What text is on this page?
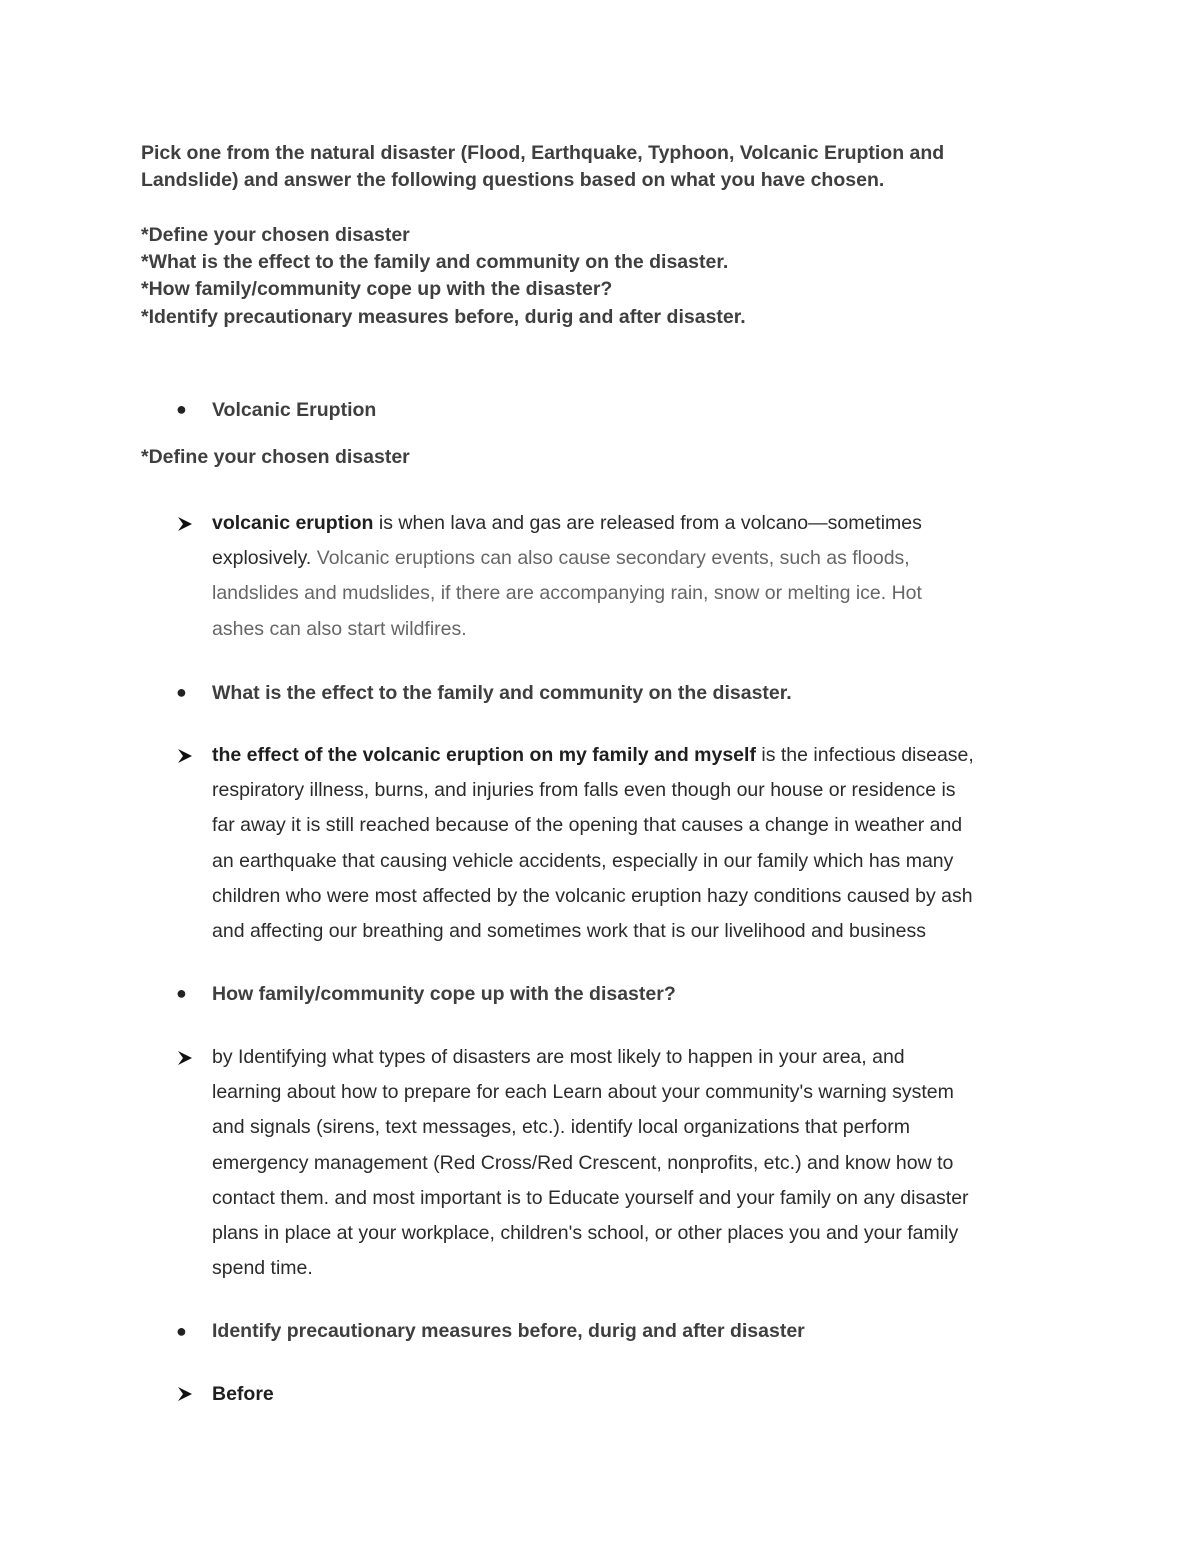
Pick one from the natural disaster (Flood, Earthquake, Typhoon, Volcanic Eruption and
Landslide) and answer the following questions based on what you have chosen.
*Define your chosen disaster
*What is the effect to the family and community on the disaster.
*How family/community cope up with the disaster?
*Identify precautionary measures before, durig and after disaster.
● Volcanic Eruption
*Define your chosen disaster
volcanic eruption is when lava and gas are released from a volcano—sometimes
explosively. Volcanic eruptions can also cause secondary events, such as floods,
landslides and mudslides, if there are accompanying rain, snow or melting ice. Hot
ashes can also start wildfires.
● What is the effect to the family and community on the disaster.
the effect of the volcanic eruption on my family and myself is the infectious disease,
respiratory illness, burns, and injuries from falls even though our house or residence is
far away it is still reached because of the opening that causes a change in weather and
an earthquake that causing vehicle accidents, especially in our family which has many
children who were most affected by the volcanic eruption hazy conditions caused by ash
and affecting our breathing and sometimes work that is our livelihood and business
● How family/community cope up with the disaster?
by Identifying what types of disasters are most likely to happen in your area, and
learning about how to prepare for each Learn about your community's warning system
and signals (sirens, text messages, etc.). identify local organizations that perform
emergency management (Red Cross/Red Crescent, nonprofits, etc.) and know how to
contact them. and most important is to Educate yourself and your family on any disaster
plans in place at your workplace, children's school, or other places you and your family
spend time.
● Identify precautionary measures before, durig and after disaster
Before
